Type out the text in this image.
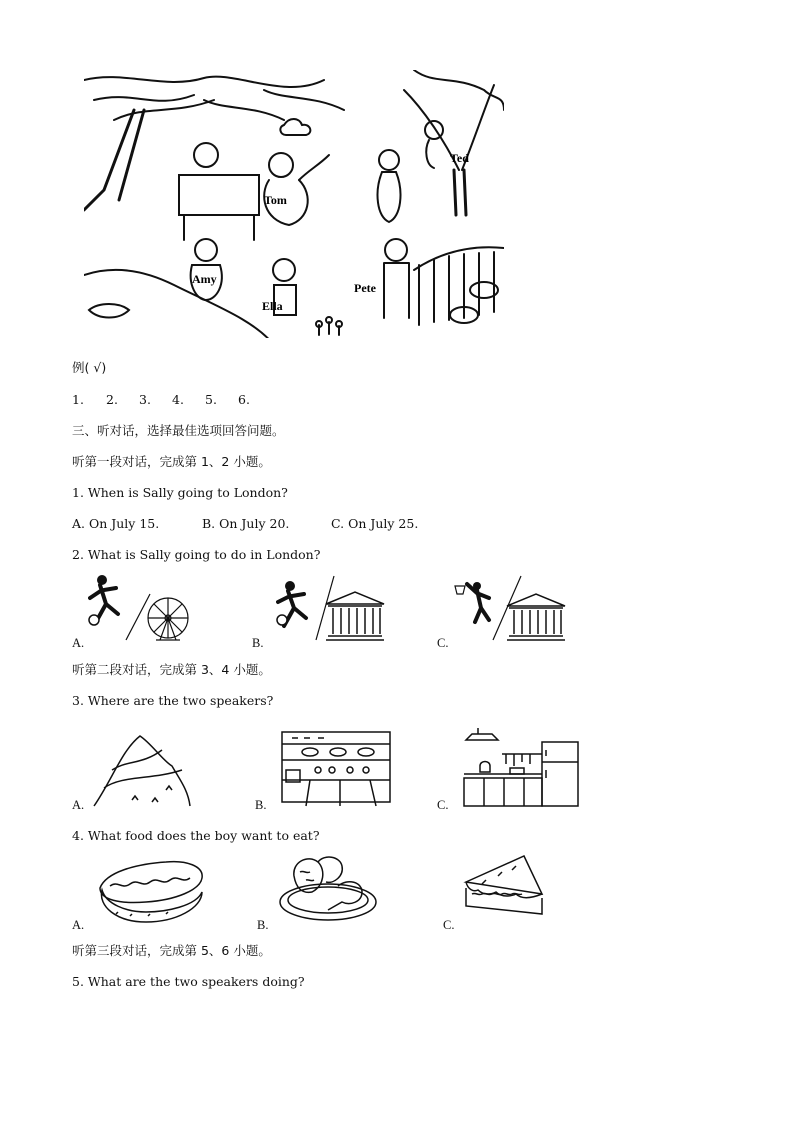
Ted
Tom
Amy
Ella
Pete
例( √)
1. 2. 3. 4. 5. 6.
三、听对话，选择最佳选项回答问题。
听第一段对话，完成第 1、2 小题。
1. When is Sally going to London?
A. On July 15.	B. On July 20.	C. On July 25.
2. What is Sally going to do in London?
A.	B.	C.
听第二段对话，完成第 3、4 小题。
3. Where are the two speakers?
A.	B.	C.
4. What food does the boy want to eat?
A.	B.	C.
听第三段对话，完成第 5、6 小题。
5. What are the two speakers doing?
